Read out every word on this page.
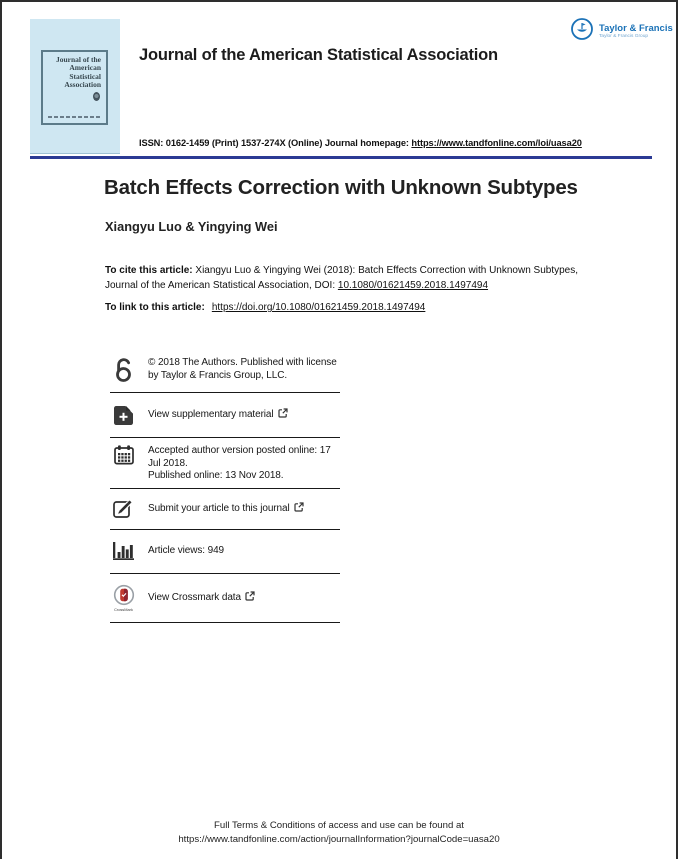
Journal of the
American
Statistical
Association
Journal of the American Statistical Association
Taylor & Francis
Taylor & Francis Group
ISSN: 0162-1459 (Print) 1537-274X (Online) Journal homepage: https://www.tandfonline.com/loi/uasa20
Batch Effects Correction with Unknown Subtypes
Xiangyu Luo & Yingying Wei

To cite this article: Xiangyu Luo & Yingying Wei (2018): Batch Effects Correction with Unknown Subtypes, Journal of the American Statistical Association, DOI: 10.1080/01621459.2018.1497494

To link to this article: https://doi.org/10.1080/01621459.2018.1497494

© 2018 The Authors. Published with license by Taylor & Francis Group, LLC.
View supplementary material
Accepted author version posted online: 17 Jul 2018.
Published online: 13 Nov 2018.
Submit your article to this journal
Article views: 949
CrossMark
View Crossmark data
Full Terms & Conditions of access and use can be found at
https://www.tandfonline.com/action/journalInformation?journalCode=uasa20
